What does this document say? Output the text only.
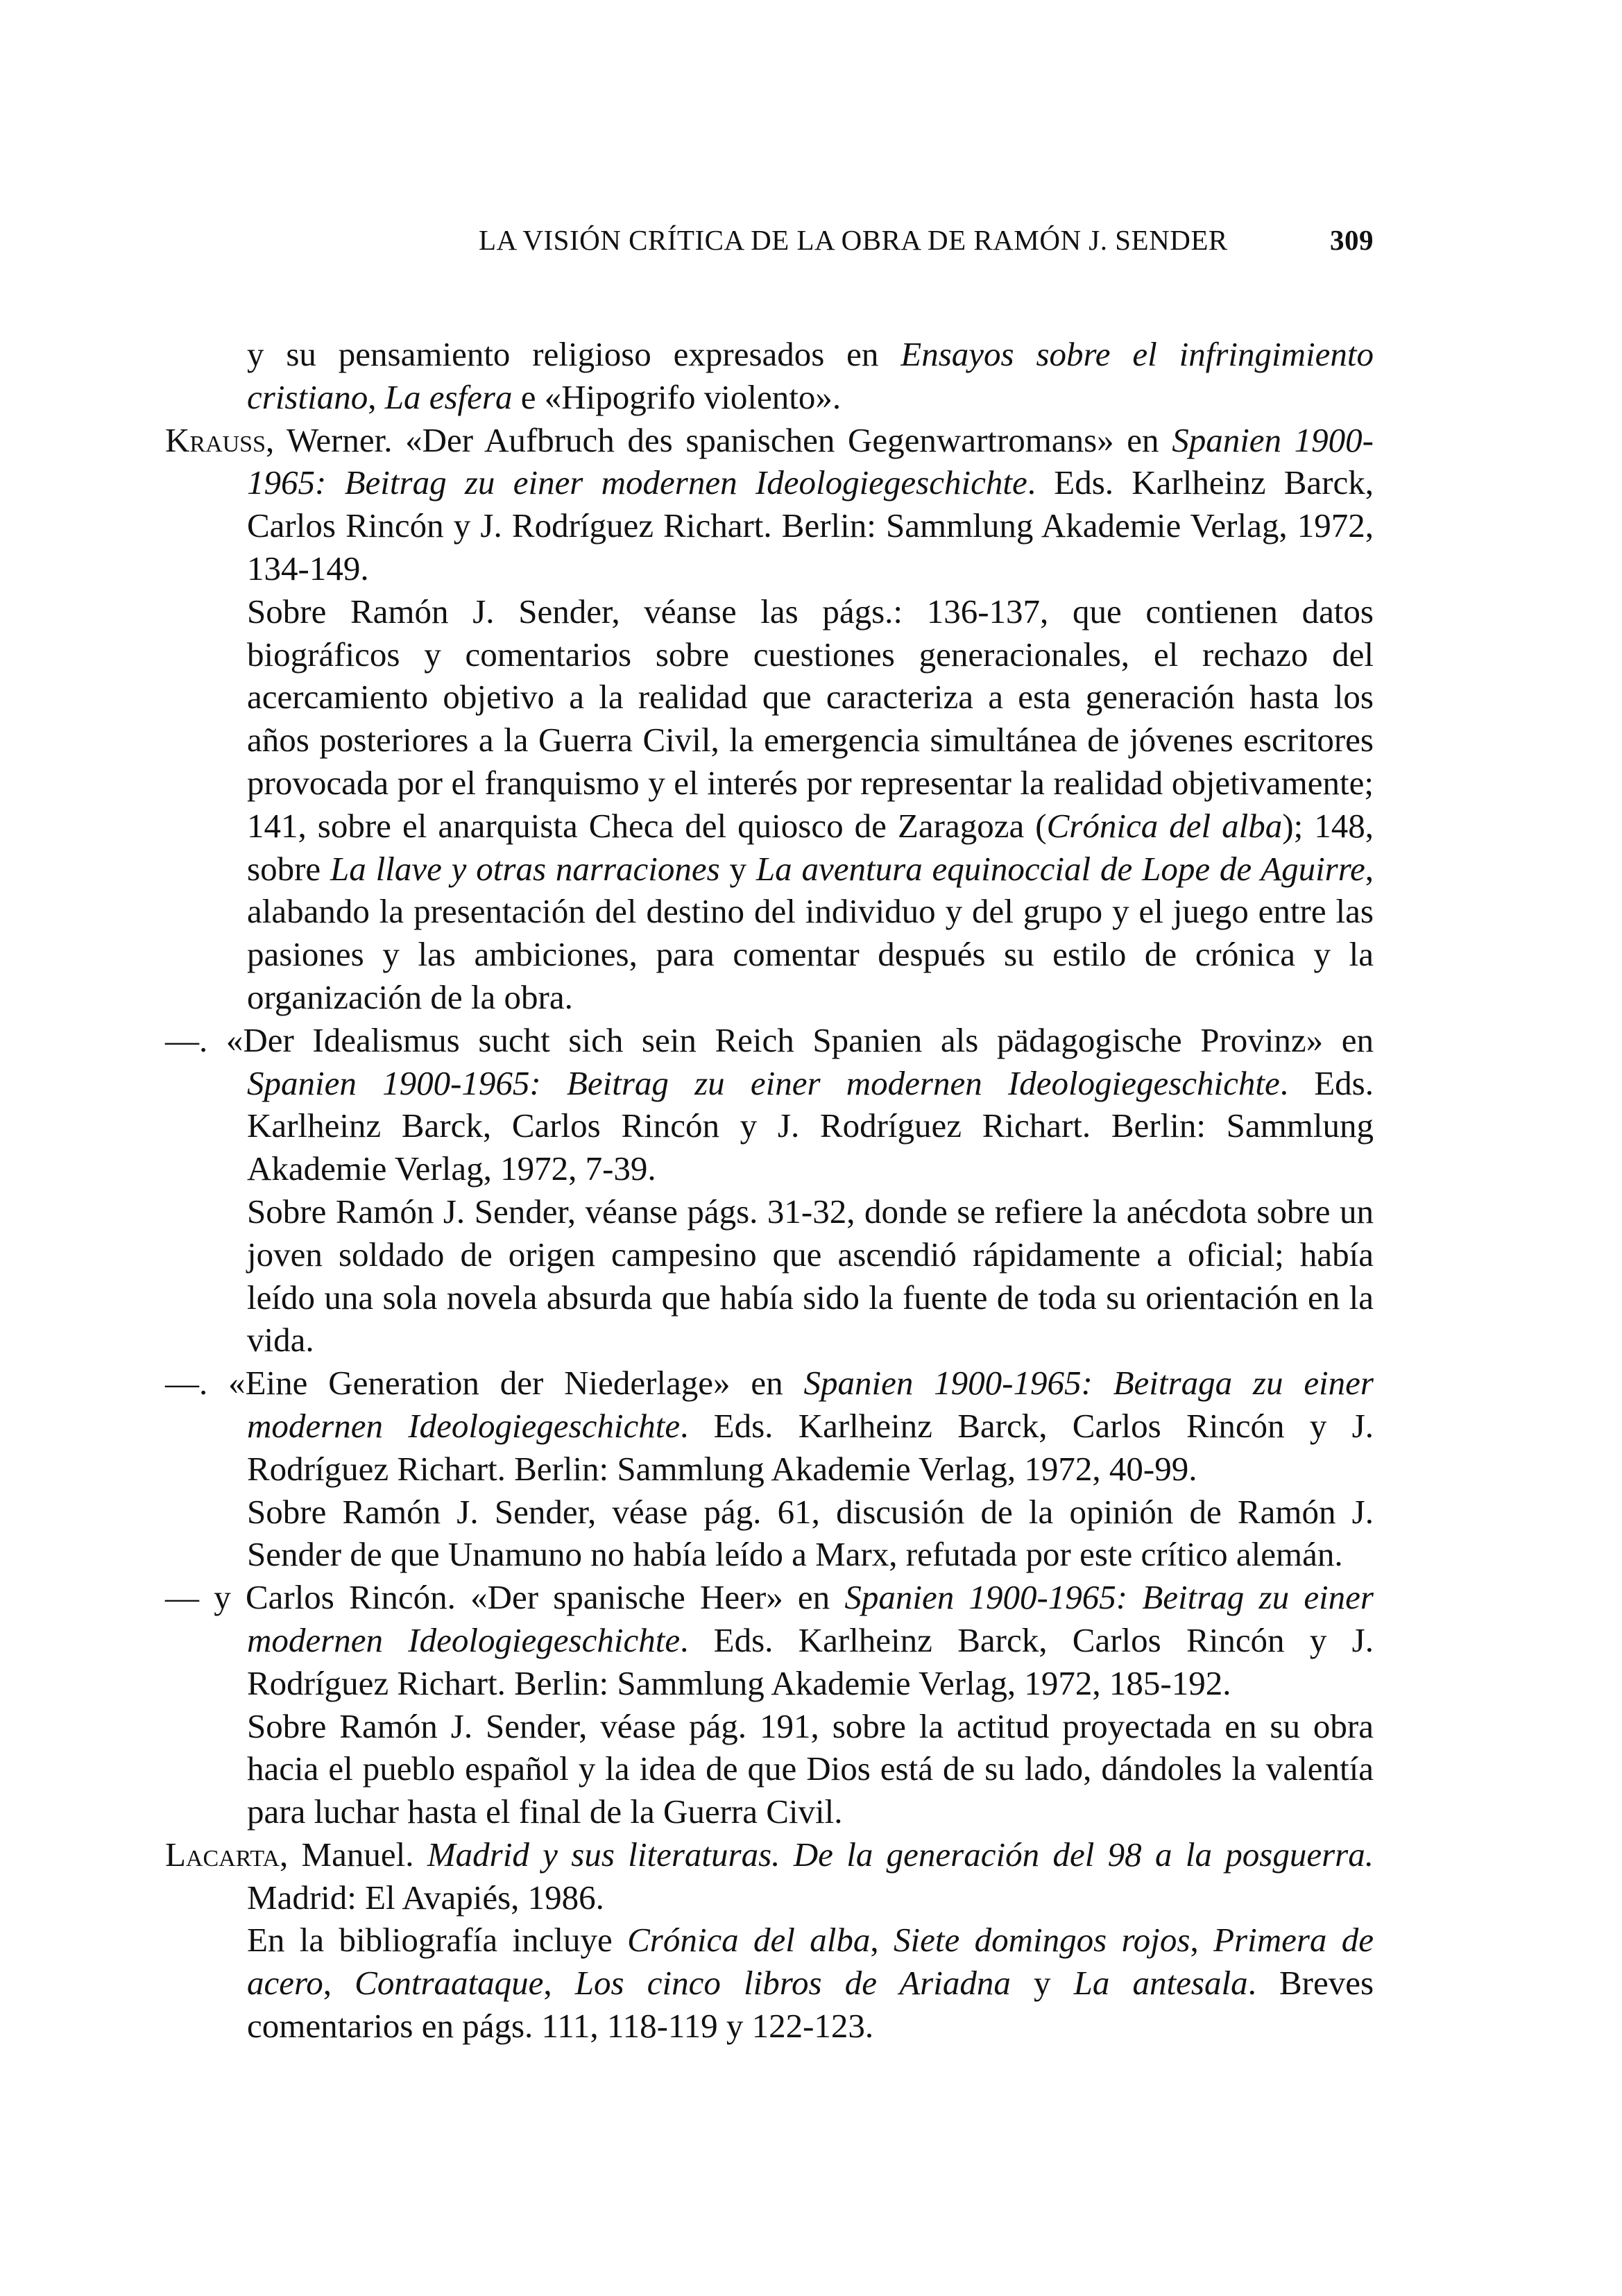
LA VISIÓN CRÍTICA DE LA OBRA DE RAMÓN J. SENDER	309
y su pensamiento religioso expresados en Ensayos sobre el infringimiento cristiano, La esfera e «Hipogrifo violento».
Krauss, Werner. «Der Aufbruch des spanischen Gegenwartromans» en Spanien 1900-1965: Beitrag zu einer modernen Ideologiegeschichte. Eds. Karlheinz Barck, Carlos Rincón y J. Rodríguez Richart. Berlin: Sammlung Akademie Verlag, 1972, 134-149.
Sobre Ramón J. Sender, véanse las págs.: 136-137, que contienen datos biográficos y comentarios sobre cuestiones generacionales, el rechazo del acercamiento objetivo a la realidad que caracteriza a esta generación hasta los años posteriores a la Guerra Civil, la emergencia simultánea de jóvenes escritores provocada por el franquismo y el interés por representar la realidad objetivamente; 141, sobre el anarquista Checa del quiosco de Zaragoza (Crónica del alba); 148, sobre La llave y otras narraciones y La aventura equinoccial de Lope de Aguirre, alabando la presentación del destino del individuo y del grupo y el juego entre las pasiones y las ambiciones, para comentar después su estilo de crónica y la organización de la obra.
—. «Der Idealismus sucht sich sein Reich Spanien als pädagogische Provinz» en Spanien 1900-1965: Beitrag zu einer modernen Ideologiegeschichte. Eds. Karlheinz Barck, Carlos Rincón y J. Rodríguez Richart. Berlin: Sammlung Akademie Verlag, 1972, 7-39.
Sobre Ramón J. Sender, véanse págs. 31-32, donde se refiere la anécdota sobre un joven soldado de origen campesino que ascendió rápidamente a oficial; había leído una sola novela absurda que había sido la fuente de toda su orientación en la vida.
—. «Eine Generation der Niederlage» en Spanien 1900-1965: Beitraga zu einer modernen Ideologiegeschichte. Eds. Karlheinz Barck, Carlos Rincón y J. Rodríguez Richart. Berlin: Sammlung Akademie Verlag, 1972, 40-99.
Sobre Ramón J. Sender, véase pág. 61, discusión de la opinión de Ramón J. Sender de que Unamuno no había leído a Marx, refutada por este crítico alemán.
— y Carlos Rincón. «Der spanische Heer» en Spanien 1900-1965: Beitrag zu einer modernen Ideologiegeschichte. Eds. Karlheinz Barck, Carlos Rincón y J. Rodríguez Richart. Berlin: Sammlung Akademie Verlag, 1972, 185-192.
Sobre Ramón J. Sender, véase pág. 191, sobre la actitud proyectada en su obra hacia el pueblo español y la idea de que Dios está de su lado, dándoles la valentía para luchar hasta el final de la Guerra Civil.
Lacarta, Manuel. Madrid y sus literaturas. De la generación del 98 a la posguerra. Madrid: El Avapiés, 1986.
En la bibliografía incluye Crónica del alba, Siete domingos rojos, Primera de acero, Contraataque, Los cinco libros de Ariadna y La antesala. Breves comentarios en págs. 111, 118-119 y 122-123.
